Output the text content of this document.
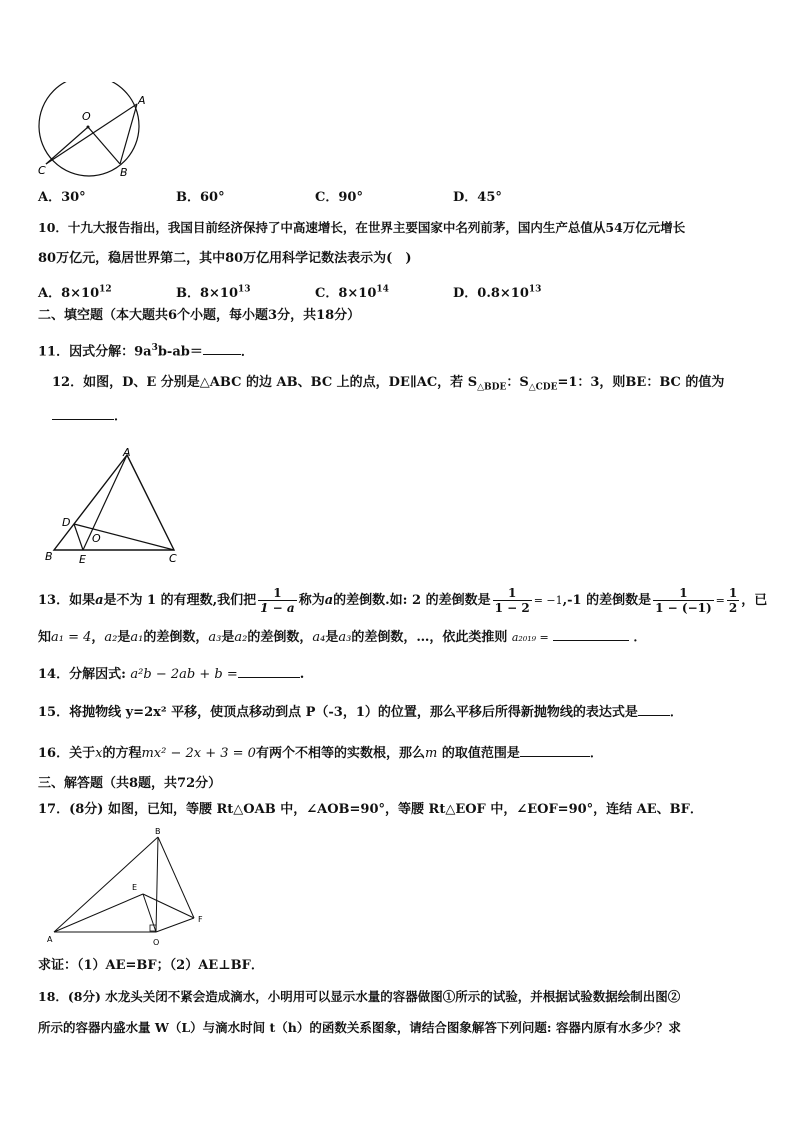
O
A
B
C
A．30°	B．60°	C．90°	D．45°
10．十九大报告指出，我国目前经济保持了中高速增长，在世界主要国家中名列前茅，国内生产总值从54万亿元增长
80万亿元，稳居世界第二，其中80万亿用科学记数法表示为(　)
A．$8\times 10^{12}$	B．$8\times 10^{13}$	C．$8\times 10^{14}$	D．$0.8\times 10^{13}$
二、填空题（本大题共6个小题，每小题3分，共18分）
11．因式分解：$9a^3b-ab=$	．
12．如图，D、E 分别是△ABC 的边 AB、BC 上的点，DE∥AC，若 $S_{\triangle BDE}$：$S_{\triangle CDE}=1$：3，则BE：BC 的值为
．
A
B	C
D
E
O
13．如果a是不为 1 的有理数,我们把 $\frac{1}{1 - a}$ 称为a的差倒数.如: 2 的差倒数是 $\frac{1}{1 - 2} = -1,-1$ 的差倒数是 $\frac{1}{1 - (-1)} = \frac{1}{2}$ ，已
知a₁ = 4，a₂是a₁的差倒数，a₃是a₂的差倒数，a₄是a₃的差倒数，…，依此类推则 a₂₀₁₉ =	．
14．分解因式: a²b − 2ab + b =	.
15．将抛物线 y=2x² 平移，使顶点移动到点 P（-3，1）的位置，那么平移后所得新抛物线的表达式是 ．
16．关于x的方程mx² − 2x + 3 = 0有两个不相等的实数根，那么m 的取值范围是	．
三、解答题（共8题，共72分）
17．(8分) 如图，已知，等腰 Rt△OAB 中，∠AOB=90°，等腰 Rt△EOF 中，∠EOF=90°，连结 AE、BF．
B
E
F
A	O
求证：（1）AE=BF；（2）AE⊥BF．
18．(8分) 水龙头关闭不紧会造成滴水，小明用可以显示水量的容器做图①所示的试验，并根据试验数据绘制出图②
所示的容器内盛水量 W（L）与滴水时间 t（h）的函数关系图象，请结合图象解答下列问题: 容器内原有水多少？求
